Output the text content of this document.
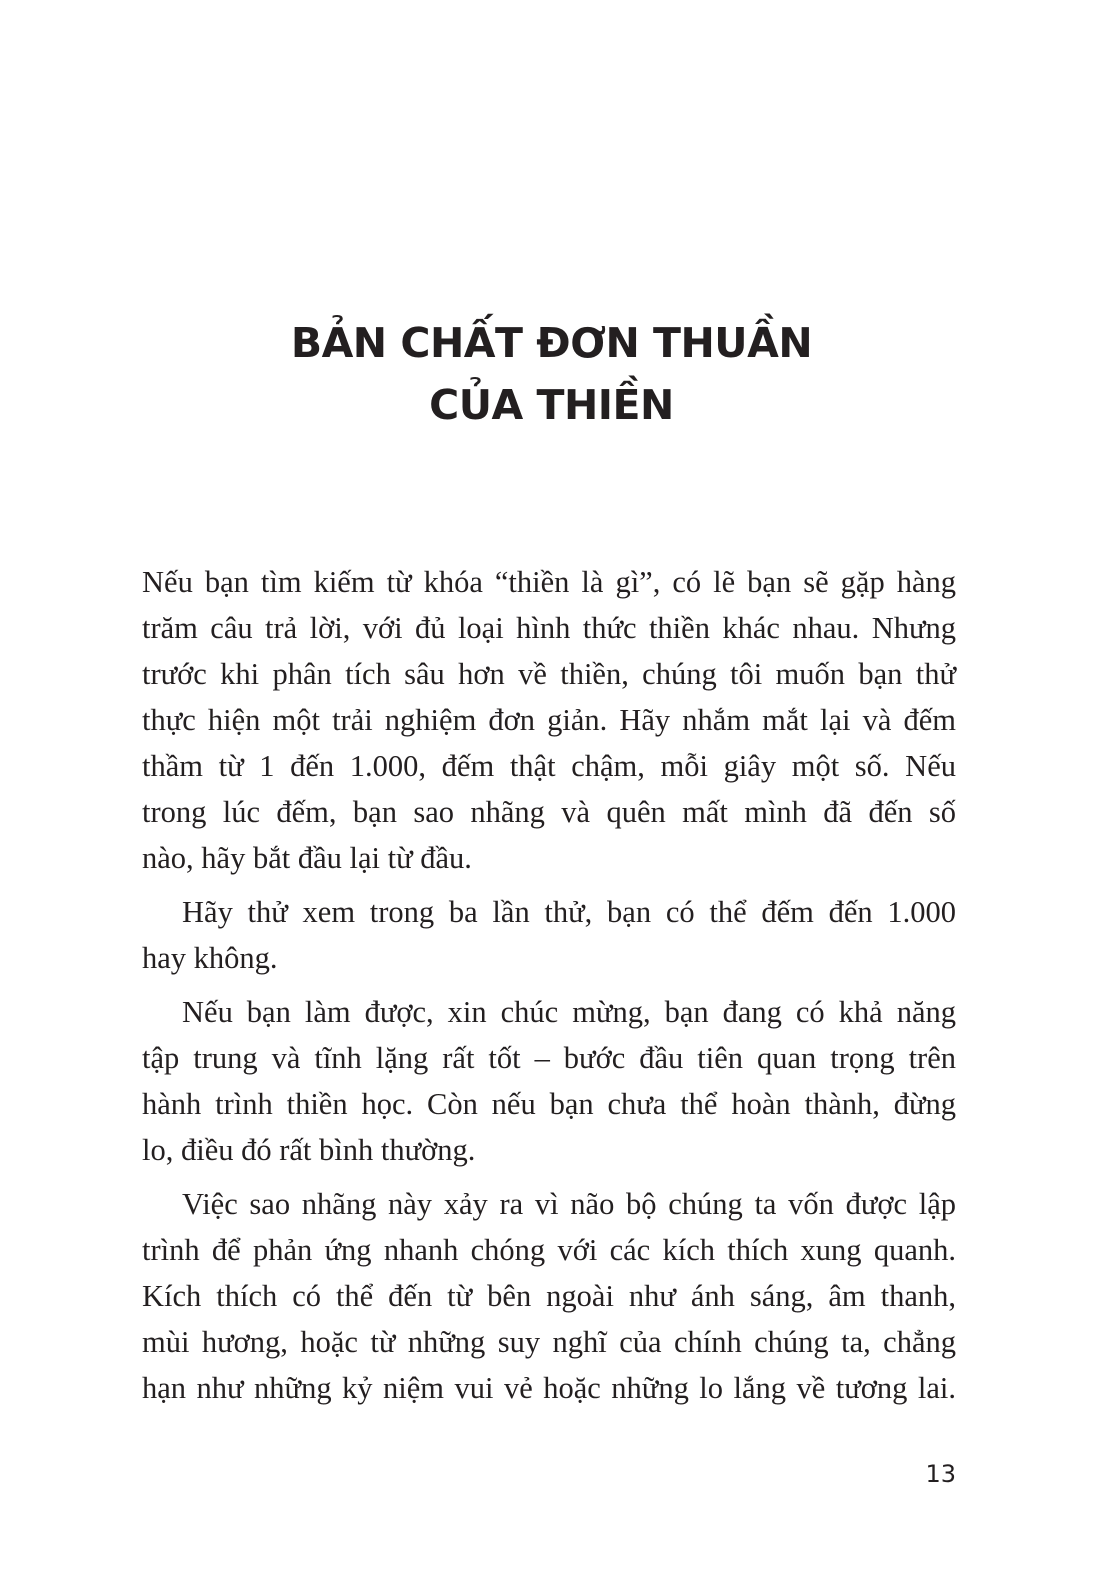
BẢN CHẤT ĐƠN THUẦN
CỦA THIỀN
Nếu bạn tìm kiếm từ khóa “thiền là gì”, có lẽ bạn sẽ gặp hàng
trăm câu trả lời, với đủ loại hình thức thiền khác nhau. Nhưng
trước khi phân tích sâu hơn về thiền, chúng tôi muốn bạn thử
thực hiện một trải nghiệm đơn giản. Hãy nhắm mắt lại và đếm
thầm từ 1 đến 1.000, đếm thật chậm, mỗi giây một số. Nếu
trong lúc đếm, bạn sao nhãng và quên mất mình đã đến số
nào, hãy bắt đầu lại từ đầu.
Hãy thử xem trong ba lần thử, bạn có thể đếm đến 1.000
hay không.
Nếu bạn làm được, xin chúc mừng, bạn đang có khả năng
tập trung và tĩnh lặng rất tốt – bước đầu tiên quan trọng trên
hành trình thiền học. Còn nếu bạn chưa thể hoàn thành, đừng
lo, điều đó rất bình thường.
Việc sao nhãng này xảy ra vì não bộ chúng ta vốn được lập
trình để phản ứng nhanh chóng với các kích thích xung quanh.
Kích thích có thể đến từ bên ngoài như ánh sáng, âm thanh,
mùi hương, hoặc từ những suy nghĩ của chính chúng ta, chẳng
hạn như những kỷ niệm vui vẻ hoặc những lo lắng về tương lai.
13
